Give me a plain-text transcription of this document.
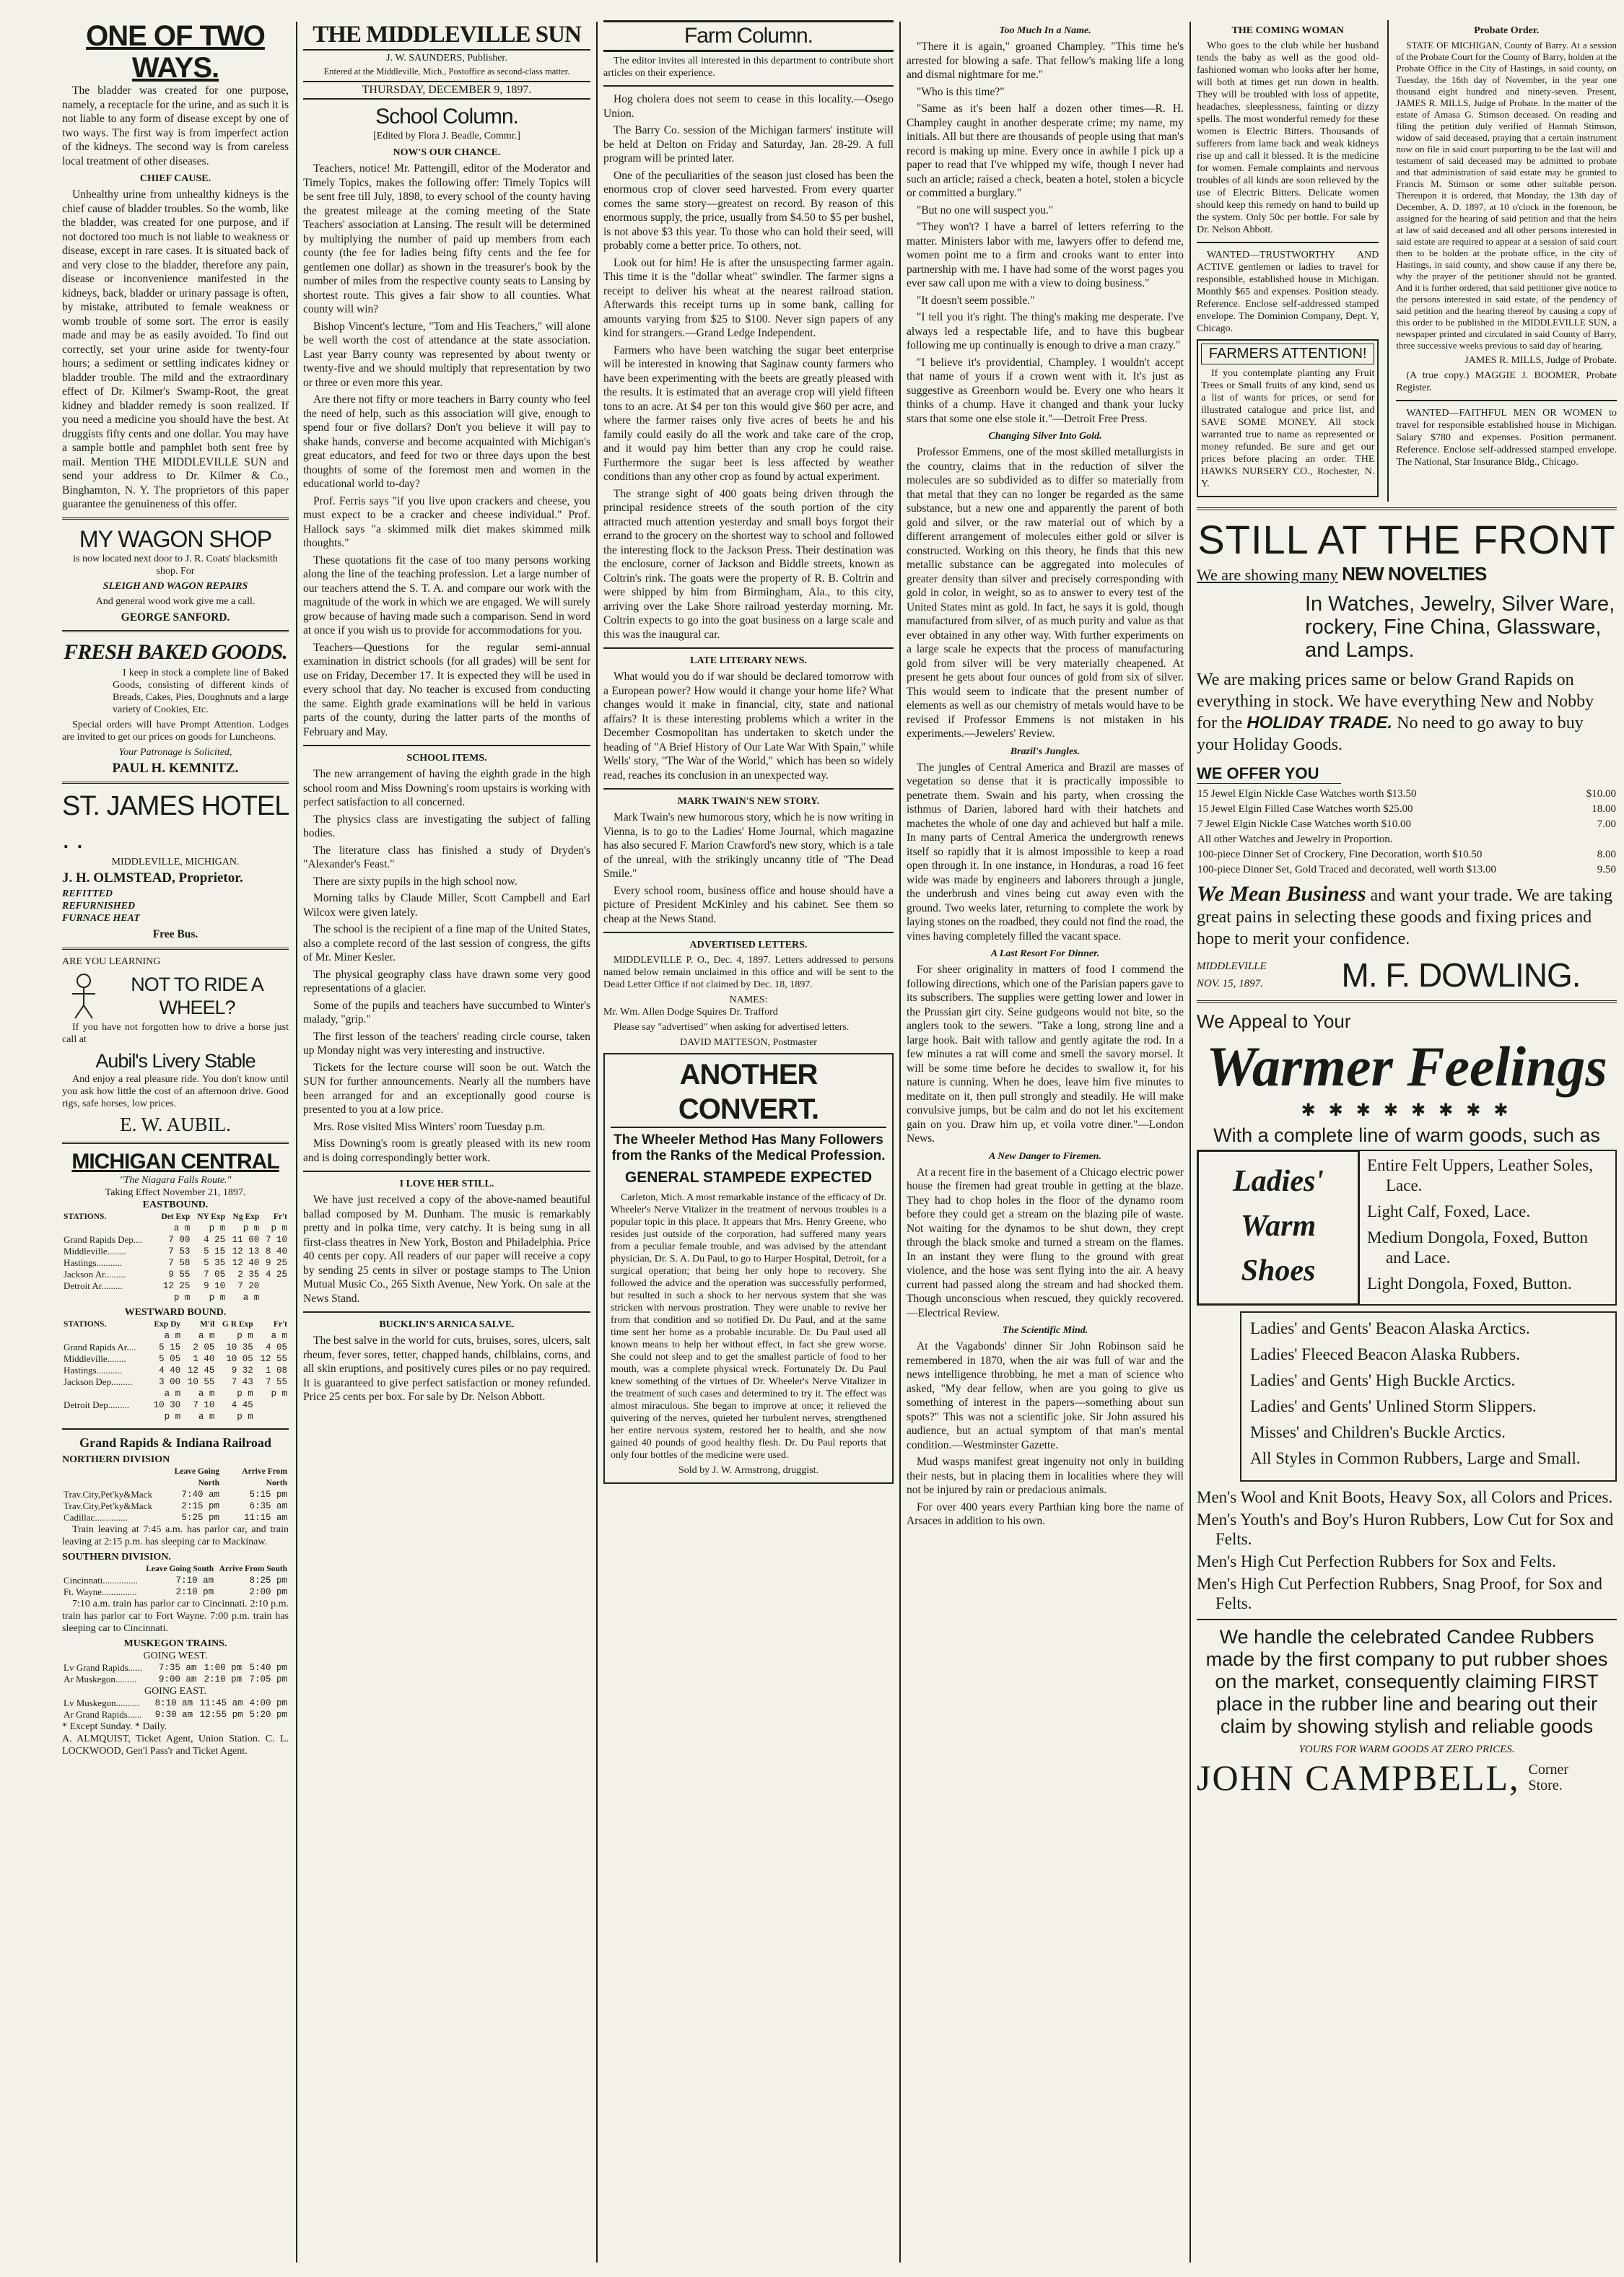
ONE OF TWO WAYS.

The bladder was created for one purpose, namely, a receptacle for the urine, and as such it is not liable to any form of disease except by one of two ways. The first way is from imperfect action of the kidneys. The second way is from careless local treatment of other diseases.

CHIEF CAUSE.

Unhealthy urine from unhealthy kidneys is the chief cause of bladder troubles. So the womb, like the bladder, was created for one purpose, and if not doctored too much is not liable to weakness or disease, except in rare cases. It is situated back of and very close to the bladder, therefore any pain, disease or inconvenience manifested in the kidneys, back, bladder or urinary passage is often, by mistake, attributed to female weakness or womb trouble of some sort. The error is easily made and may be as easily avoided. To find out correctly, set your urine aside for twenty-four hours; a sediment or settling indicates kidney or bladder trouble. The mild and the extraordinary effect of Dr. Kilmer's Swamp-Root, the great kidney and bladder remedy is soon realized. If you need a medicine you should have the best. At druggists fifty cents and one dollar. You may have a sample bottle and pamphlet both sent free by mail. Mention THE MIDDLEVILLE SUN and send your address to Dr. Kilmer & Co., Binghamton, N. Y. The proprietors of this paper guarantee the genuineness of this offer.

MY WAGON SHOP

is now located next door to J. R. Coats' blacksmith shop. For

SLEIGH AND WAGON REPAIRS

And general wood work give me a call.

GEORGE SANFORD.

FRESH BAKED GOODS.

I keep in stock a complete line of Baked Goods, consisting of different kinds of Breads, Cakes, Pies, Doughnuts and a large variety of Cookies, Etc.

Special orders will have Prompt Attention. Lodges are invited to get our prices on goods for Luncheons.

Your Patronage is Solicited,

PAUL H. KEMNITZ.

ST. JAMES HOTEL . .

MIDDLEVILLE, MICHIGAN.

J. H. OLMSTEAD, Proprietor.

REFITTED

REFURNISHED

FURNACE HEAT

Free Bus.

ARE YOU LEARNING

NOT TO RIDE A WHEEL?

If you have not forgotten how to drive a horse just call at

Aubil's Livery Stable

And enjoy a real pleasure ride. You don't know until you ask how little the cost of an afternoon drive. Good rigs, safe horses, low prices.

E. W. AUBIL.

MICHIGAN CENTRAL

"The Niagara Falls Route."

Taking Effect November 21, 1897.

EASTBOUND.

STATIONS.	Det Exp	NY Exp	Ng Exp	Fr't
	a m	p m	p m	p m
Grand Rapids Dep....	7 00	4 25	11 00	7 10
Middleville........	7 53	5 15	12 13	8 40
Hastings...........	7 58	5 35	12 40	9 25
Jackson Ar.........	9 55	7 05	2 35	4 25
Detroit Ar.........	12 25	9 10	7 20	
	p m	p m	a m	

WESTWARD BOUND.

STATIONS.	Exp Dy	M'il	G R Exp	Fr't
	a m	a m	p m	a m
Grand Rapids Ar....	5 15	2 05	10 35	4 05
Middleville........	5 05	1 40	10 05	12 55
Hastings...........	4 40	12 45	9 32	1 08
Jackson Dep.........	3 00	10 55	7 43	7 55
	a m	a m	p m	p m
Detroit Dep.........	10 30	7 10	4 45	
	p m	a m	p m	
Grand Rapids & Indiana Railroad

NORTHERN DIVISION

	Leave Going North	Arrive From North
Trav.City,Pet'ky&Mack	7:40 am	5:15 pm
Trav.City,Pet'ky&Mack	2:15 pm	6:35 am
Cadillac..............	5:25 pm	11:15 am

Train leaving at 7:45 a.m. has parlor car, and train leaving at 2:15 p.m. has sleeping car to Mackinaw.

SOUTHERN DIVISION.

	Leave Going South	Arrive From South
Cincinnati...............	7:10 am	8:25 pm
Ft. Wayne...............	2:10 pm	2:00 pm

7:10 a.m. train has parlor car to Cincinnati. 2:10 p.m. train has parlor car to Fort Wayne. 7:00 p.m. train has sleeping car to Cincinnati.

MUSKEGON TRAINS.

GOING WEST.

Lv Grand Rapids......	7:35 am	1:00 pm	5:40 pm
Ar Muskegon.........	9:00 am	2:10 pm	7:05 pm

GOING EAST.

Lv Muskegon..........	8:10 am	11:45 am	4:00 pm
Ar Grand Rapids......	9:30 am	12:55 pm	5:20 pm

* Except Sunday. * Daily.

A. ALMQUIST, Ticket Agent, Union Station. C. L. LOCKWOOD, Gen'l Pass'r and Ticket Agent.

THE MIDDLEVILLE SUN

J. W. SAUNDERS, Publisher.

Entered at the Middleville, Mich., Postoffice as second-class matter.

THURSDAY, DECEMBER 9, 1897.
School Column.

[Edited by Flora J. Beadle, Commr.]

NOW'S OUR CHANCE.

Teachers, notice! Mr. Pattengill, editor of the Moderator and Timely Topics, makes the following offer: Timely Topics will be sent free till July, 1898, to every school of the county having the greatest mileage at the coming meeting of the State Teachers' association at Lansing. The result will be determined by multiplying the number of paid up members from each county (the fee for ladies being fifty cents and the fee for gentlemen one dollar) as shown in the treasurer's book by the number of miles from the respective county seats to Lansing by shortest route. This gives a fair show to all counties. What county will win?

Bishop Vincent's lecture, "Tom and His Teachers," will alone be well worth the cost of attendance at the state association. Last year Barry county was represented by about twenty or twenty-five and we should multiply that representation by two or three or even more this year.

Are there not fifty or more teachers in Barry county who feel the need of help, such as this association will give, enough to spend four or five dollars? Don't you believe it will pay to shake hands, converse and become acquainted with Michigan's great educators, and feed for two or three days upon the best thoughts of some of the foremost men and women in the educational world to-day?

Prof. Ferris says "if you live upon crackers and cheese, you must expect to be a cracker and cheese individual." Prof. Hallock says "a skimmed milk diet makes skimmed milk thoughts."

These quotations fit the case of too many persons working along the line of the teaching profession. Let a large number of our teachers attend the S. T. A. and compare our work with the magnitude of the work in which we are engaged. We will surely grow because of having made such a comparison. Send in word at once if you wish us to provide for accommodations for you.

Teachers—Questions for the regular semi-annual examination in district schools (for all grades) will be sent for use on Friday, December 17. It is expected they will be used in every school that day. No teacher is excused from conducting the same. Eighth grade examinations will be held in various parts of the county, during the latter parts of the months of February and May.

SCHOOL ITEMS.

The new arrangement of having the eighth grade in the high school room and Miss Downing's room upstairs is working with perfect satisfaction to all concerned.

The physics class are investigating the subject of falling bodies.

The literature class has finished a study of Dryden's "Alexander's Feast."

There are sixty pupils in the high school now.

Morning talks by Claude Miller, Scott Campbell and Earl Wilcox were given lately.

The school is the recipient of a fine map of the United States, also a complete record of the last session of congress, the gifts of Mr. Miner Kesler.

The physical geography class have drawn some very good representations of a glacier.

Some of the pupils and teachers have succumbed to Winter's malady, "grip."

The first lesson of the teachers' reading circle course, taken up Monday night was very interesting and instructive.

Tickets for the lecture course will soon be out. Watch the SUN for further announcements. Nearly all the numbers have been arranged for and an exceptionally good course is presented to you at a low price.

Mrs. Rose visited Miss Winters' room Tuesday p.m.

Miss Downing's room is greatly pleased with its new room and is doing correspondingly better work.

I LOVE HER STILL.

We have just received a copy of the above-named beautiful ballad composed by M. Dunham. The music is remarkably pretty and in polka time, very catchy. It is being sung in all first-class theatres in New York, Boston and Philadelphia. Price 40 cents per copy. All readers of our paper will receive a copy by sending 25 cents in silver or postage stamps to The Union Mutual Music Co., 265 Sixth Avenue, New York. On sale at the News Stand.

BUCKLIN'S ARNICA SALVE.

The best salve in the world for cuts, bruises, sores, ulcers, salt rheum, fever sores, tetter, chapped hands, chilblains, corns, and all skin eruptions, and positively cures piles or no pay required. It is guaranteed to give perfect satisfaction or money refunded. Price 25 cents per box. For sale by Dr. Nelson Abbott.

Farm Column.

The editor invites all interested in this department to contribute short articles on their experience.

Hog cholera does not seem to cease in this locality.—Osego Union.

The Barry Co. session of the Michigan farmers' institute will be held at Delton on Friday and Saturday, Jan. 28-29. A full program will be printed later.

One of the peculiarities of the season just closed has been the enormous crop of clover seed harvested. From every quarter comes the same story—greatest on record. By reason of this enormous supply, the price, usually from $4.50 to $5 per bushel, is not above $3 this year. To those who can hold their seed, will probably come a better price. To others, not.

Look out for him! He is after the unsuspecting farmer again. This time it is the "dollar wheat" swindler. The farmer signs a receipt to deliver his wheat at the nearest railroad station. Afterwards this receipt turns up in some bank, calling for amounts varying from $25 to $100. Never sign papers of any kind for strangers.—Grand Ledge Independent.

Farmers who have been watching the sugar beet enterprise will be interested in knowing that Saginaw county farmers who have been experimenting with the beets are greatly pleased with the results. It is estimated that an average crop will yield fifteen tons to an acre. At $4 per ton this would give $60 per acre, and where the farmer raises only five acres of beets he and his family could easily do all the work and take care of the crop, and it would pay him better than any crop he could raise. Furthermore the sugar beet is less affected by weather conditions than any other crop as found by actual experiment.

The strange sight of 400 goats being driven through the principal residence streets of the south portion of the city attracted much attention yesterday and small boys forgot their errand to the grocery on the shortest way to school and followed the interesting flock to the Jackson Press. Their destination was the enclosure, corner of Jackson and Biddle streets, known as Coltrin's rink. The goats were the property of R. B. Coltrin and were shipped by him from Birmingham, Ala., to this city, arriving over the Lake Shore railroad yesterday morning. Mr. Coltrin expects to go into the goat business on a large scale and this was the inaugural car.

LATE LITERARY NEWS.

What would you do if war should be declared tomorrow with a European power? How would it change your home life? What changes would it make in financial, city, state and national affairs? It is these interesting problems which a writer in the December Cosmopolitan has undertaken to sketch under the heading of "A Brief History of Our Late War With Spain," while Wells' story, "The War of the World," which has been so widely read, reaches its conclusion in an unexpected way.

MARK TWAIN'S NEW STORY.

Mark Twain's new humorous story, which he is now writing in Vienna, is to go to the Ladies' Home Journal, which magazine has also secured F. Marion Crawford's new story, which is a tale of the unreal, with the strikingly uncanny title of "The Dead Smile."

Every school room, business office and house should have a picture of President McKinley and his cabinet. See them so cheap at the News Stand.

ADVERTISED LETTERS.

MIDDLEVILLE P. O., Dec. 4, 1897. Letters addressed to persons named below remain unclaimed in this office and will be sent to the Dead Letter Office if not claimed by Dec. 18, 1897.

NAMES:

Mr. Wm. Allen Dodge Squires Dr. Trafford

Please say "advertised" when asking for advertised letters.

DAVID MATTESON, Postmaster

ANOTHER CONVERT.
The Wheeler Method Has Many Followers from the Ranks of the Medical Profession.
GENERAL STAMPEDE EXPECTED

Carleton, Mich. A most remarkable instance of the efficacy of Dr. Wheeler's Nerve Vitalizer in the treatment of nervous troubles is a popular topic in this place. It appears that Mrs. Henry Greene, who resides just outside of the corporation, had suffered many years from a peculiar female trouble, and was advised by the attendant physician, Dr. S. A. Du Paul, to go to Harper Hospital, Detroit, for a surgical operation; that being her only hope to recovery. She followed the advice and the operation was successfully performed, but resulted in such a shock to her nervous system that she was stricken with nervous prostration. They were unable to revive her from that condition and so notified Dr. Du Paul, and at the same time sent her home as a probable incurable. Dr. Du Paul used all known means to help her without effect, in fact she grew worse. She could not sleep and to get the smallest particle of food to her mouth, was a complete physical wreck. Fortunately Dr. Du Paul knew something of the virtues of Dr. Wheeler's Nerve Vitalizer in the treatment of such cases and determined to try it. The effect was almost miraculous. She began to improve at once; it relieved the quivering of the nerves, quieted her turbulent nerves, strengthened her entire nervous system, restored her to health, and she now gained 40 pounds of good healthy flesh. Dr. Du Paul reports that only four bottles of the medicine were used.

Sold by J. W. Armstrong, druggist.

Too Much In a Name.

"There it is again," groaned Champley. "This time he's arrested for blowing a safe. That fellow's making life a long and dismal nightmare for me."

"Who is this time?"

"Same as it's been half a dozen other times—R. H. Champley caught in another desperate crime; my name, my initials. All but there are thousands of people using that man's record is making up mine. Every once in awhile I pick up a paper to read that I've whipped my wife, though I never had such an article; raised a check, beaten a hotel, stolen a bicycle or committed a burglary."

"But no one will suspect you."

"They won't? I have a barrel of letters referring to the matter. Ministers labor with me, lawyers offer to defend me, women point me to a firm and crooks want to enter into partnership with me. I have had some of the worst pages you ever saw call upon me with a view to doing business."

"It doesn't seem possible."

"I tell you it's right. The thing's making me desperate. I've always led a respectable life, and to have this bugbear following me up continually is enough to drive a man crazy."

"I believe it's providential, Champley. I wouldn't accept that name of yours if a crown went with it. It's just as suggestive as Greenborn would be. Every one who hears it thinks of a chump. Have it changed and thank your lucky stars that some one else stole it."—Detroit Free Press.

Changing Silver Into Gold.

Professor Emmens, one of the most skilled metallurgists in the country, claims that in the reduction of silver the molecules are so subdivided as to differ so materially from that metal that they can no longer be regarded as the same substance, but a new one and apparently the parent of both gold and silver, or the raw material out of which by a different arrangement of molecules either gold or silver is constructed. Working on this theory, he finds that this new metallic substance can be aggregated into molecules of greater density than silver and precisely corresponding with gold in color, in weight, so as to answer to every test of the United States mint as gold. In fact, he says it is gold, though manufactured from silver, of as much purity and value as that ever obtained in any other way. With further experiments on a large scale he expects that the process of manufacturing gold from silver will be very materially cheapened. At present he gets about four ounces of gold from six of silver. This would seem to indicate that the present number of elements as well as our chemistry of metals would have to be revised if Professor Emmens is not mistaken in his experiments.—Jewelers' Review.

Brazil's Jungles.

The jungles of Central America and Brazil are masses of vegetation so dense that it is practically impossible to penetrate them. Swain and his party, when crossing the isthmus of Darien, labored hard with their hatchets and machetes the whole of one day and achieved but half a mile. In many parts of Central America the undergrowth renews itself so rapidly that it is almost impossible to keep a road open through it. In one instance, in Honduras, a road 16 feet wide was made by engineers and laborers through a jungle, the underbrush and vines being cut away even with the ground. Two weeks later, returning to complete the work by laying stones on the roadbed, they could not find the road, the vines having completely filled the vacant space.

A Last Resort For Dinner.

For sheer originality in matters of food I commend the following directions, which one of the Parisian papers gave to its subscribers. The supplies were getting lower and lower in the Prussian girt city. Seine gudgeons would not bite, so the anglers took to the sewers. "Take a long, strong line and a large hook. Bait with tallow and gently agitate the rod. In a few minutes a rat will come and smell the savory morsel. It will be some time before he decides to swallow it, for his nature is cunning. When he does, leave him five minutes to meditate on it, then pull strongly and steadily. He will make convulsive jumps, but be calm and do not let his excitement gain on you. Draw him up, et voila votre diner."—London News.

A New Danger to Firemen.

At a recent fire in the basement of a Chicago electric power house the firemen had great trouble in getting at the blaze. They had to chop holes in the floor of the dynamo room before they could get a stream on the blazing pile of waste. Not waiting for the dynamos to be shut down, they crept through the black smoke and turned a stream on the flames. In an instant they were flung to the ground with great violence, and the hose was sent flying into the air. A heavy current had passed along the stream and had shocked them. Though unconscious when rescued, they quickly recovered.—Electrical Review.

The Scientific Mind.

At the Vagabonds' dinner Sir John Robinson said he remembered in 1870, when the air was full of war and the news intelligence throbbing, he met a man of science who asked, "My dear fellow, when are you going to give us something of interest in the papers—something about sun spots?" This was not a scientific joke. Sir John assured his audience, but an actual symptom of that man's mental condition.—Westminster Gazette.

Mud wasps manifest great ingenuity not only in building their nests, but in placing them in localities where they will not be injured by rain or predacious animals.

For over 400 years every Parthian king bore the name of Arsaces in addition to his own.

THE COMING WOMAN

Who goes to the club while her husband tends the baby as well as the good old-fashioned woman who looks after her home, will both at times get run down in health. They will be troubled with loss of appetite, headaches, sleeplessness, fainting or dizzy spells. The most wonderful remedy for these women is Electric Bitters. Thousands of sufferers from lame back and weak kidneys rise up and call it blessed. It is the medicine for women. Female complaints and nervous troubles of all kinds are soon relieved by the use of Electric Bitters. Delicate women should keep this remedy on hand to build up the system. Only 50c per bottle. For sale by Dr. Nelson Abbott.

WANTED—TRUSTWORTHY AND ACTIVE gentlemen or ladies to travel for responsible, established house in Michigan. Monthly $65 and expenses. Position steady. Reference. Enclose self-addressed stamped envelope. The Dominion Company, Dept. Y, Chicago.

FARMERS ATTENTION!

If you contemplate planting any Fruit Trees or Small fruits of any kind, send us a list of wants for prices, or send for illustrated catalogue and price list, and SAVE SOME MONEY. All stock warranted true to name as represented or money refunded. Be sure and get our prices before placing an order. THE HAWKS NURSERY CO., Rochester, N. Y.

Probate Order.

STATE OF MICHIGAN, County of Barry. At a session of the Probate Court for the County of Barry, holden at the Probate Office in the City of Hastings, in said county, on Tuesday, the 16th day of November, in the year one thousand eight hundred and ninety-seven. Present, JAMES R. MILLS, Judge of Probate. In the matter of the estate of Amasa G. Stimson deceased. On reading and filing the petition duly verified of Hannah Stimson, widow of said deceased, praying that a certain instrument now on file in said court purporting to be the last will and testament of said deceased may be admitted to probate and that administration of said estate may be granted to Francis M. Stimson or some other suitable person. Thereupon it is ordered, that Monday, the 13th day of December, A. D. 1897, at 10 o'clock in the forenoon, be assigned for the hearing of said petition and that the heirs at law of said deceased and all other persons interested in said estate are required to appear at a session of said court then to be holden at the probate office, in the city of Hastings, in said county, and show cause if any there be, why the prayer of the petitioner should not be granted. And it is further ordered, that said petitioner give notice to the persons interested in said estate, of the pendency of said petition and the hearing thereof by causing a copy of this order to be published in the MIDDLEVILLE SUN, a newspaper printed and circulated in said County of Barry, three successive weeks previous to said day of hearing.

JAMES R. MILLS, Judge of Probate.

(A true copy.) MAGGIE J. BOOMER, Probate Register.

WANTED—FAITHFUL MEN OR WOMEN to travel for responsible established house in Michigan. Salary $780 and expenses. Position permanent. Reference. Enclose self-addressed stamped envelope. The National, Star Insurance Bldg., Chicago.

STILL AT THE FRONT
We are showing many NEW NOVELTIES
In Watches, Jewelry, Silver Ware, rockery, Fine China, Glassware, and Lamps.
We are making prices same or below Grand Rapids on everything in stock. We have everything New and Nobby for the HOLIDAY TRADE. No need to go away to buy your Holiday Goods.
WE OFFER YOU
15 Jewel Elgin Nickle Case Watches worth $13.50	$10.00
15 Jewel Elgin Filled Case Watches worth $25.00	18.00
7 Jewel Elgin Nickle Case Watches worth $10.00	7.00
All other Watches and Jewelry in Proportion.	
100-piece Dinner Set of Crockery, Fine Decoration, worth $10.50	8.00
100-piece Dinner Set, Gold Traced and decorated, well worth $13.00	9.50
We Mean Business and want your trade. We are taking great pains in selecting these goods and fixing prices and hope to merit your confidence.
MIDDLEVILLE
NOV. 15, 1897.	M. F. DOWLING.
We Appeal to Your
Warmer Feelings
✱ ✱ ✱ ✱ ✱ ✱ ✱ ✱
With a complete line of warm goods, such as
Ladies'
Warm
Shoes
Entire Felt Uppers, Leather Soles, Lace.
Light Calf, Foxed, Lace.
Medium Dongola, Foxed, Button and Lace.
Light Dongola, Foxed, Button.
Ladies' and Gents' Beacon Alaska Arctics.
Ladies' Fleeced Beacon Alaska Rubbers.
Ladies' and Gents' High Buckle Arctics.
Ladies' and Gents' Unlined Storm Slippers.
Misses' and Children's Buckle Arctics.
All Styles in Common Rubbers, Large and Small.
Men's Wool and Knit Boots, Heavy Sox, all Colors and Prices.
Men's Youth's and Boy's Huron Rubbers, Low Cut for Sox and Felts.
Men's High Cut Perfection Rubbers for Sox and Felts.
Men's High Cut Perfection Rubbers, Snag Proof, for Sox and Felts.
We handle the celebrated Candee Rubbers made by the first company to put rubber shoes on the market, consequently claiming FIRST place in the rubber line and bearing out their claim by showing stylish and reliable goods
YOURS FOR WARM GOODS AT ZERO PRICES.
JOHN CAMPBELL, Corner Store.
